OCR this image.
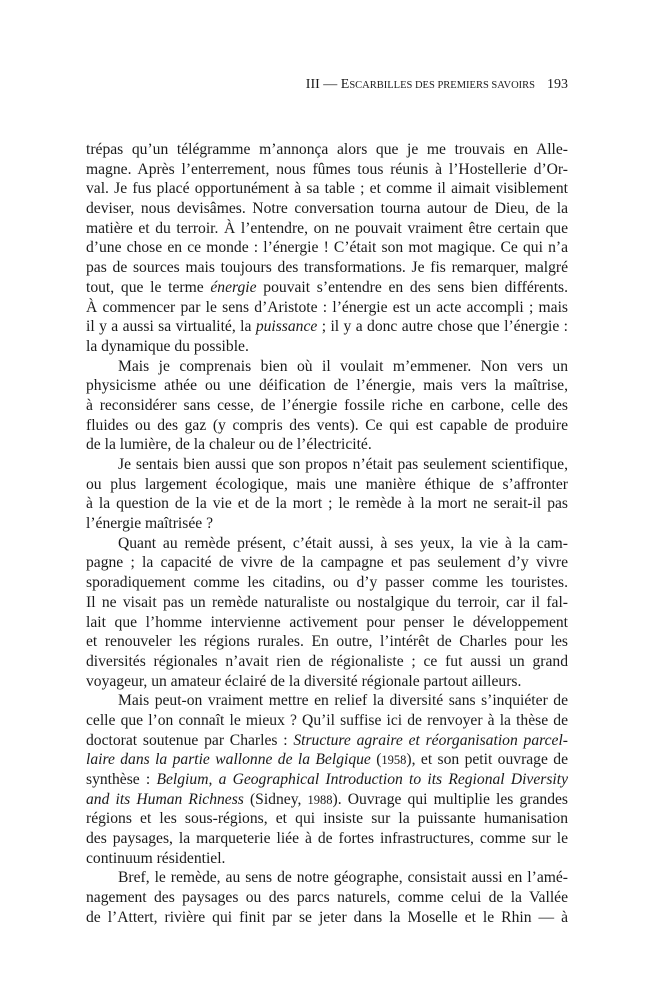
III — ESCARBILLES DES PREMIERS SAVOIRS 193
trépas qu’un télégramme m’annonça alors que je me trouvais en Alle-
magne. Après l’enterrement, nous fûmes tous réunis à l’Hostellerie d’Or-
val. Je fus placé opportunément à sa table ; et comme il aimait visiblement
deviser, nous devisâmes. Notre conversation tourna autour de Dieu, de la
matière et du terroir. À l’entendre, on ne pouvait vraiment être certain que
d’une chose en ce monde : l’énergie ! C’était son mot magique. Ce qui n’a
pas de sources mais toujours des transformations. Je fis remarquer, malgré
tout, que le terme énergie pouvait s’entendre en des sens bien différents.
À commencer par le sens d’Aristote : l’énergie est un acte accompli ; mais
il y a aussi sa virtualité, la puissance ; il y a donc autre chose que l’énergie :
la dynamique du possible.
Mais je comprenais bien où il voulait m’emmener. Non vers un
physicisme athée ou une déification de l’énergie, mais vers la maîtrise,
à reconsidérer sans cesse, de l’énergie fossile riche en carbone, celle des
fluides ou des gaz (y compris des vents). Ce qui est capable de produire
de la lumière, de la chaleur ou de l’électricité.
Je sentais bien aussi que son propos n’était pas seulement scientifique,
ou plus largement écologique, mais une manière éthique de s’affronter
à la question de la vie et de la mort ; le remède à la mort ne serait-il pas
l’énergie maîtrisée ?
Quant au remède présent, c’était aussi, à ses yeux, la vie à la cam-
pagne ; la capacité de vivre de la campagne et pas seulement d’y vivre
sporadiquement comme les citadins, ou d’y passer comme les touristes.
Il ne visait pas un remède naturaliste ou nostalgique du terroir, car il fal-
lait que l’homme intervienne activement pour penser le développement
et renouveler les régions rurales. En outre, l’intérêt de Charles pour les
diversités régionales n’avait rien de régionaliste ; ce fut aussi un grand
voyageur, un amateur éclairé de la diversité régionale partout ailleurs.
Mais peut-on vraiment mettre en relief la diversité sans s’inquiéter de
celle que l’on connaît le mieux ? Qu’il suffise ici de renvoyer à la thèse de
doctorat soutenue par Charles : Structure agraire et réorganisation parcel-
laire dans la partie wallonne de la Belgique (1958), et son petit ouvrage de
synthèse : Belgium, a Geographical Introduction to its Regional Diversity
and its Human Richness (Sidney, 1988). Ouvrage qui multiplie les grandes
régions et les sous-régions, et qui insiste sur la puissante humanisation
des paysages, la marqueterie liée à de fortes infrastructures, comme sur le
continuum résidentiel.
Bref, le remède, au sens de notre géographe, consistait aussi en l’amé-
nagement des paysages ou des parcs naturels, comme celui de la Vallée
de l’Attert, rivière qui finit par se jeter dans la Moselle et le Rhin — à
